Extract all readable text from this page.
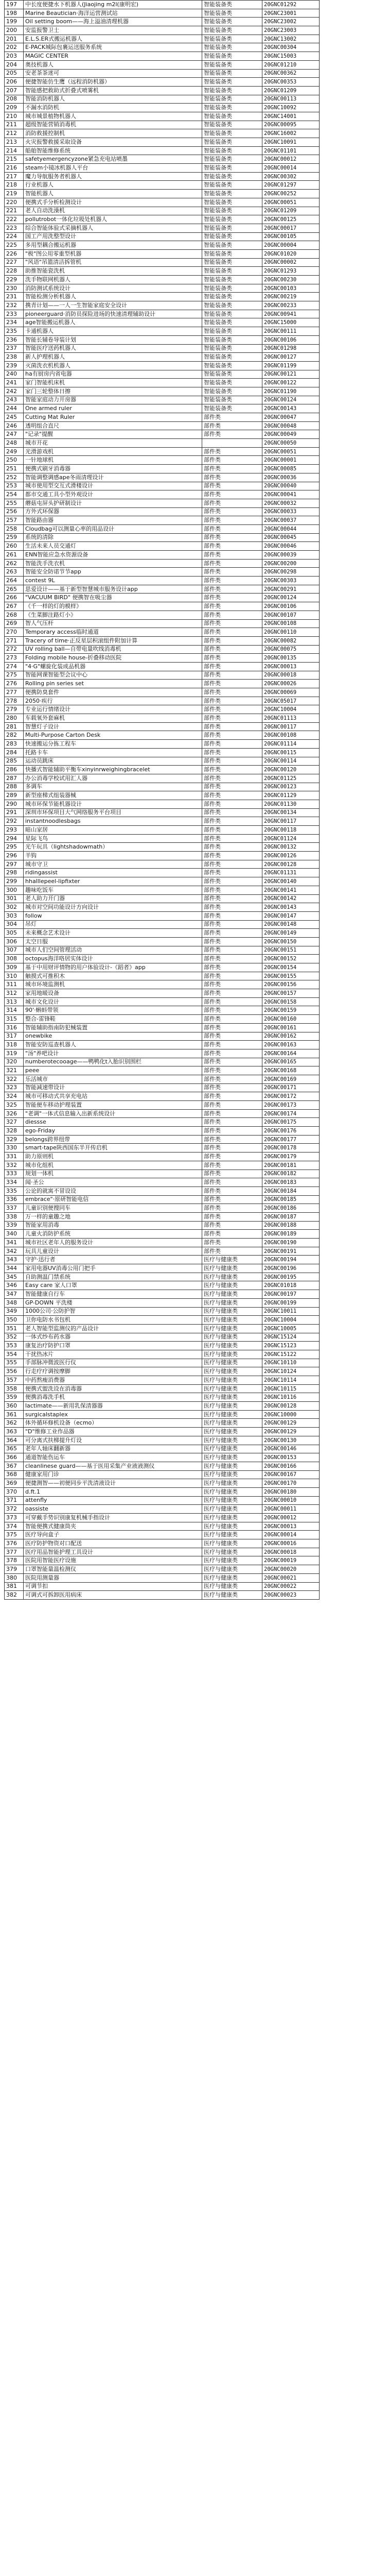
197	中长度便捷水下机器人(Jiaojing m2l(康明宏)	智能装备类	20GNC01292
198	Marine Beautician·海洋运营测试站	智能装备类	20GNC23001
199	Oil setting boom——海上溢油清理机器	智能装备类	20GNC23002
200	安监报警卫士	智能装备类	20GNC23003
201	E.L.S.ER式搬运机器人	智能装备类	20GNC13002
202	E-PACK城际包裹运送服务系统	智能装备类	20GNC00304
203	MAGIC CENTER	智能装备类	20GNC15003
204	奥技机器人	智能装备类	20GNC01210
205	安老茶茶迷可	智能装备类	20GNC00362
206	便捷智能仿生鹰（远程消防机器）	智能装备类	20GNC00353
207	智能感把救助式折叠式喷雾机	智能装备类	20GNC01209
208	智能消防机器人	智能装备类	20GNC00113
209	不漏水消防机	智能装备类	20GNC10092
210	城市城景植物机器人	智能装备类	20GNC14001
211	超级智能营销消毒机	智能装备类	20GNC00095
212	消防救援控制机	智能装备类	20GNC16002
213	火灾报警救援采取设备	智能装备类	20GNC10091
214	船舶智能维修系统	智能装备类	20GNC01101
215	safetyemergencyzone紧急充电站喷墨	智能装备类	20GNC00012
216	steam小镜冰机器人平台	智能装备类	20GNC00014
217	魔力导航服务者机器人	智能装备类	20GNC00302
218	行业机器人	智能装备类	20GNC01297
219	智能机器人	智能装备类	20GNC00252
220	便携式手分析检测设计	智能装备类	20GNC00051
221	老人自动洗澡机	智能装备类	20GNC01209
222	pollutrobot一体化垃圾处机器人	智能装备类	20GNC00125
223	综合智能体验式采摘机器人	智能装备类	20GNC00017
224	国工产用洗整型设计	智能装备类	20GNC00105
225	多用型耦合搬运机器	智能装备类	20GNC00004
226	"极"图公用零重型机器	智能装备类	20GNC01020
227	"风语"吊篮清洁拆管机	智能装备类	20GNC00002
228	助推智能瓷洗机	智能装备类	20GNC01293
229	洗手物联网机器人	智能装备类	20GNC00230
230	消防测试系统设计	智能装备类	20GNC00103
231	智能检测分析机器人	智能装备类	20GNC00219
232	携青计划——一人一生智能家庭安全设计	智能装备类	20GNC00233
233	pioneerguard·消防员探险进场的快速清理辅助设计	智能装备类	20GNC00941
234	age智能搬运机器人	智能装备类	20GNC15000
235	卡通机器人	智能装备类	20GNC00111
236	智能长辅卷导装计划	智能装备类	20GNC00106
237	智能医疗送药机器人	智能装备类	20GNC01298
238	新人护理机器人	智能装备类	20GNC00127
239	灭菌洗衣机机器人	智能装备类	20GNC01199
240	ha有厨房内省电器	智能装备类	20GNC00121
241	家门智能机床机	智能装备类	20GNC00122
242	家门三轮整体日擦	智能装备类	20GNC01190
243	智能家庭动力开房器	智能装备类	20GNC00124
244	One armed ruler	智能装备类	20GNC00143
245	Cutting Mat Ruler	部件类	20GNC00047
246	透明组合直尺	部件类	20GNC00048
247	"记录"提醒	部件类	20GNC00049
248	城市开花		20GNC00050
249	光滑游戏机	部件类	20GNC00051
250	一针地球机	部件类	20GNC00001
251	便携式刷牙消毒器	部件类	20GNC00085
252	智能调整调感ape冬雨清理设计	部件类	20GNC00036
253	城市使用型交互式滑楼设计	部件类	20GNC00040
254	都市交通工具小型外观设计	部件类	20GNC00041
255	蘑菇屯屏头护研制设计	部件类	20GNC00032
256	方外式环保器	部件类	20GNC00033
257	智能路由器	部件类	20GNC00037
258	Cloudbag可以测量心率的用品设计	部件类	20GNC00044
259	系统的清除	部件类	20GNC00045
260	生活未来人员交通灯	部件类	20GNC00046
261	ENN智能应急水资源设备	部件类	20GNC00039
262	智能洗手洗衣机	部件类	20GNC00200
263	智能安全防诺节节app	部件类	20GNC00298
264	contest 9L	部件类	20GNC00303
265	思爱设计——基于新型智慧城市服务设计app	部件类	20GNC00291
266	"VACUUM BIRD" 便携智在吸尘器	部件类	20GNC00124
267	《千一样的灯的模样》	部件类	20GNC00106
268	《生菜脚注路灯小》	部件类	20GNC00107
269	智人气压杆	部件类	20GNC00108
270	Temporary access临时通道	部件类	20GNC00110
271	Tracery of time·正反星层积滚组件附加计算	部件类	20GNC00082
272	UV rolling ball—自带电量吹线消毒机	部件类	20GNC00075
273	Folding mobile house-折叠移动医院	部件类	20GNC00135
274	"4·G"螺旋化装成品机器	部件类	20GNC00013
275	智能网课智能型会议中心	部件类	20GNC00018
276	Rolling pin series set	部件类	20GNC00026
277	便携防臭套件	部件类	20GNC00069
278	2050·疾行	部件类	20GNC05017
279	专业运行情绪设计	部件类	20GNC10004
280	车载氧外套麻机	部件类	20GNC01113
281	智慧灯子设计	部件类	20GNC00117
282	Multi-Purpose Carton Desk	部件类	20GNC00108
283	快速搬运分拣工程车	部件类	20GNC01114
284	托路卡车	部件类	20GNC00115
285	运动员跳床	部件类	20GNC00114
286	快播式智能辅助平衡车xinyinrweighingbracelet	部件类	20GNC00120
287	办公消毒学校试用汇人器	部件类	20GNC01125
288	多调车	部件类	20GNC00123
289	新型座梯式组装器械	部件类	20GNC01129
290	城市环保节能机器设计	部件类	20GNC01130
291	深圳市环保项目大气网络服务平台项目	部件类	20GNC00134
292	instantnoodlesbags	部件类	20GNC00117
293	暗山家居	部件类	20GNC00118
294	星际飞鸟	部件类	20GNC01124
295	光午玩具（lightshadowmath）	部件类	20GNC00132
296	羊钩	部件类	20GNC00126
297	城市守卫	部件类	20GNC00128
298	ridingassist	部件类	20GNC01131
299	hhalllepeel-lipfixter	部件类	20GNC00140
300	趣味吃饭车	部件类	20GNC00141
301	老人助力开门器	部件类	20GNC00142
302	城市对空间功能设计方向设计	部件类	20GNC00143
303	follow	部件类	20GNC00147
304	吊灯	部件类	20GNC00148
305	未来概念艺术设计	部件类	20GNC00149
306	太空日服	部件类	20GNC00150
307	城市人们空间管理活动	部件类	20GNC00151
308	octopus海洋咯居实体设计	部件类	20GNC00152
309	基于中用财评情物的用户体验设计-《蹈者》app	部件类	20GNC00154
310	触摸式可推积木	部件类	20GNC00155
311	城市环境监测机	部件类	20GNC00156
312	家用地暖设备	部件类	20GNC00157
313	城市文化设计	部件类	20GNC00158
314	90'·蝌蚪带领	部件类	20GNC00159
315	整合-雷锋鞋	部件类	20GNC00160
316	智能辅助指南防犯械装置	部件类	20GNC00161
317	onewbike	部件类	20GNC00162
318	智能安防巡查机器人	部件类	20GNC00163
319	"汤"养吧设计	部件类	20GNC00164
320	numberotecooage——鸭鸭化t入胎识别围栏	部件类	20GNC00165
321	peee	部件类	20GNC00168
322	乐活城市	部件类	20GNC00169
323	智能减速带设计	部件类	20GNC00171
324	城市可移动式共享充电站	部件类	20GNC00172
325	智能便车移动护理装置	部件类	20GNC00173
326	"老调"一体式信息输入出新系统设计	部件类	20GNC00174
327	diessse	部件类	20GNC00175
328	ego-Friday	部件类	20GNC00176
329	belongs跨界纽带	部件类	20GNC00177
330	smart-tape陕西国东半开传启机	部件类	20GNC00178
331	助力原则机	部件类	20GNC00179
332	城市化组机	部件类	20GNC00181
333	规划一体机	部件类	20GNC00182
334	闻·圣公	部件类	20GNC00183
335	公论的就寓不冒设设	部件类	20GNC00184
336	embrace"·原研智能电信	部件类	20GNC00185
337	儿童识别便搜同车	部件类	20GNC00186
338	万一样的童趣之地	部件类	20GNC00187
339	智能家用消毒	部件类	20GNC00188
340	儿童火消防护系统	部件类	20GNC00189
341	城市社区老年人的服务设计	部件类	20GNC00190
342	玩具儿童设计	部件类	20GNC00191
343	守护·迅行者	医疗与健康类	20GNC00194
344	家用电器UV消毒公用门把手	医疗与健康类	20GNC00196
345	自助测温门禁系统	医疗与健康类	20GNC00195
346	Easy care 家人口罩	医疗与健康类	20GNC01018
347	智能健康自行车	医疗与健康类	20GNC00197
348	GP-DOWN 平洗楼	医疗与健康类	20GNC00199
349	1000公司·公防护智	医疗与健康类	20GNC10011
350	卫你电防水书包机	医疗与健康类	20GNC10004
351	老人智能型监测仪的产品设计	医疗与健康类	20GNC10005
352	一体式纱布药水器	医疗与健康类	20GNC15124
353	康复治疗防护口罩	医疗与健康类	20GNC15123
354	干扰热冰片	医疗与健康类	20GNC15122
355	手部脉冲微波医行仪	医疗与健康类	20GNC10110
356	行走疗疗调按摩脚	医疗与健康类	20GNC10124
357	中药熬瘦消费器	医疗与健康类	20GNC10114
358	便携式盥洗设在消毒器	医疗与健康类	20GNC10115
359	便携消毒洗手机	医疗与健康类	20GNC10116
360	lactimate——新用乳保清器器	医疗与健康类	20GNC00128
361	surgicalstaplex	医疗与健康类	20GNC10000
362	体外循环修机设备（ecmo）	医疗与健康类	20GNC00129
363	"D"维修工业作品器	医疗与健康类	20GNC00129
364	可分离式扶梯提升灯设	医疗与健康类	20GNC00130
365	老年人轴床翻新器	医疗与健康类	20GNC00146
366	通道智能伤运车	医疗与健康类	20GNC00153
367	cleanlinese guard——基于医用采集产业液液测仪	医疗与健康类	20GNC00166
368	健康家用门诊	医疗与健康类	20GNC00167
369	便捷测智——初便同步平洗清液设计	医疗与健康类	20GNC00170
370	d.ft.1	医疗与健康类	20GNC00180
371	attenfly	医疗与健康类	20GNC00010
372	oassiste	医疗与健康类	20GNC00011
373	可穿戴手势识别康复机械手指设计	医疗与健康类	20GNC00012
374	智能便携式健康筒夹	医疗与健康类	20GNC00013
375	医疗导向盒子	医疗与健康类	20GNC00014
376	医疗防护物资对口配送	医疗与健康类	20GNC00016
377	医疗用品智能护理工具设计	医疗与健康类	20GNC00018
378	医院用智能医疗设施	医疗与健康类	20GNC00019
379	口罩智能量温检测仪	医疗与健康类	20GNC00020
380	医院用测量器	医疗与健康类	20GNC00021
381	可调节扣	医疗与健康类	20GNC00022
382	可调式可拆卸医用病床	医疗与健康类	20GNC00023
